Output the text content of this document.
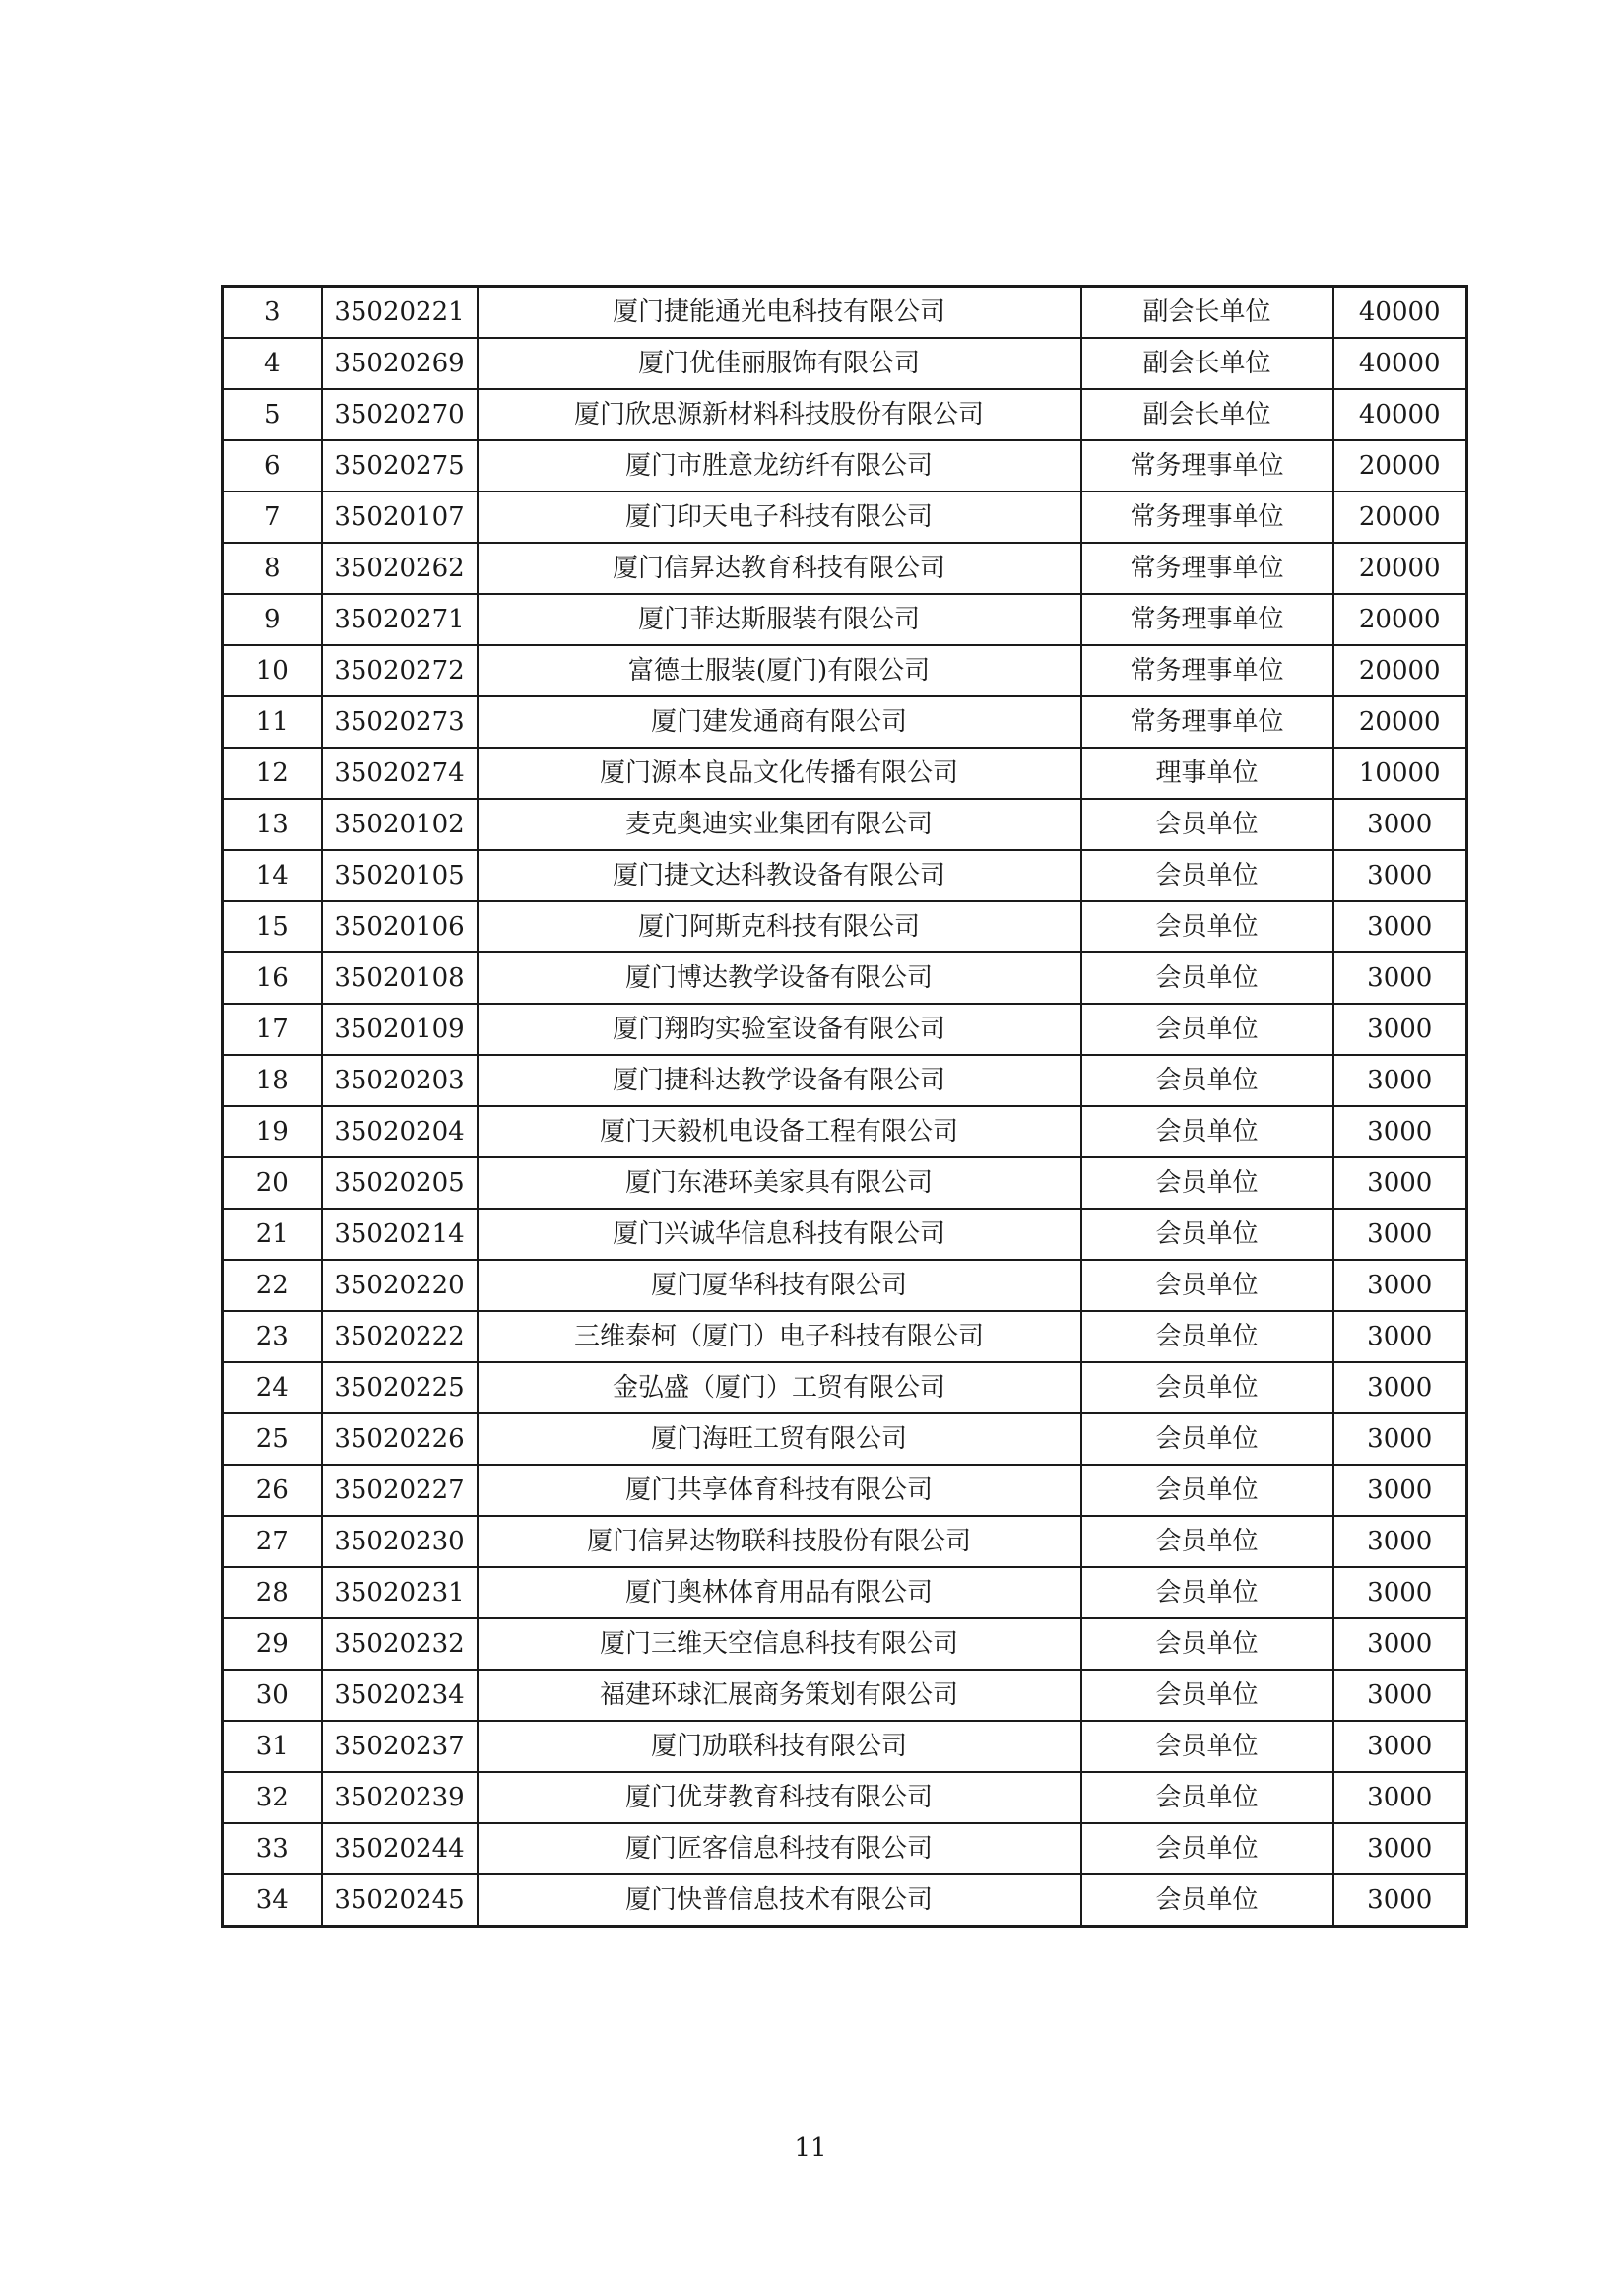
3	35020221	厦门捷能通光电科技有限公司	副会长单位	40000
4	35020269	厦门优佳丽服饰有限公司	副会长单位	40000
5	35020270	厦门欣思源新材料科技股份有限公司	副会长单位	40000
6	35020275	厦门市胜意龙纺纤有限公司	常务理事单位	20000
7	35020107	厦门印天电子科技有限公司	常务理事单位	20000
8	35020262	厦门信昇达教育科技有限公司	常务理事单位	20000
9	35020271	厦门菲达斯服装有限公司	常务理事单位	20000
10	35020272	富德士服装(厦门)有限公司	常务理事单位	20000
11	35020273	厦门建发通商有限公司	常务理事单位	20000
12	35020274	厦门源本良品文化传播有限公司	理事单位	10000
13	35020102	麦克奥迪实业集团有限公司	会员单位	3000
14	35020105	厦门捷文达科教设备有限公司	会员单位	3000
15	35020106	厦门阿斯克科技有限公司	会员单位	3000
16	35020108	厦门博达教学设备有限公司	会员单位	3000
17	35020109	厦门翔昀实验室设备有限公司	会员单位	3000
18	35020203	厦门捷科达教学设备有限公司	会员单位	3000
19	35020204	厦门天毅机电设备工程有限公司	会员单位	3000
20	35020205	厦门东港环美家具有限公司	会员单位	3000
21	35020214	厦门兴诚华信息科技有限公司	会员单位	3000
22	35020220	厦门厦华科技有限公司	会员单位	3000
23	35020222	三维泰柯（厦门）电子科技有限公司	会员单位	3000
24	35020225	金弘盛（厦门）工贸有限公司	会员单位	3000
25	35020226	厦门海旺工贸有限公司	会员单位	3000
26	35020227	厦门共享体育科技有限公司	会员单位	3000
27	35020230	厦门信昇达物联科技股份有限公司	会员单位	3000
28	35020231	厦门奥林体育用品有限公司	会员单位	3000
29	35020232	厦门三维天空信息科技有限公司	会员单位	3000
30	35020234	福建环球汇展商务策划有限公司	会员单位	3000
31	35020237	厦门劢联科技有限公司	会员单位	3000
32	35020239	厦门优芽教育科技有限公司	会员单位	3000
33	35020244	厦门匠客信息科技有限公司	会员单位	3000
34	35020245	厦门快普信息技术有限公司	会员单位	3000
11
